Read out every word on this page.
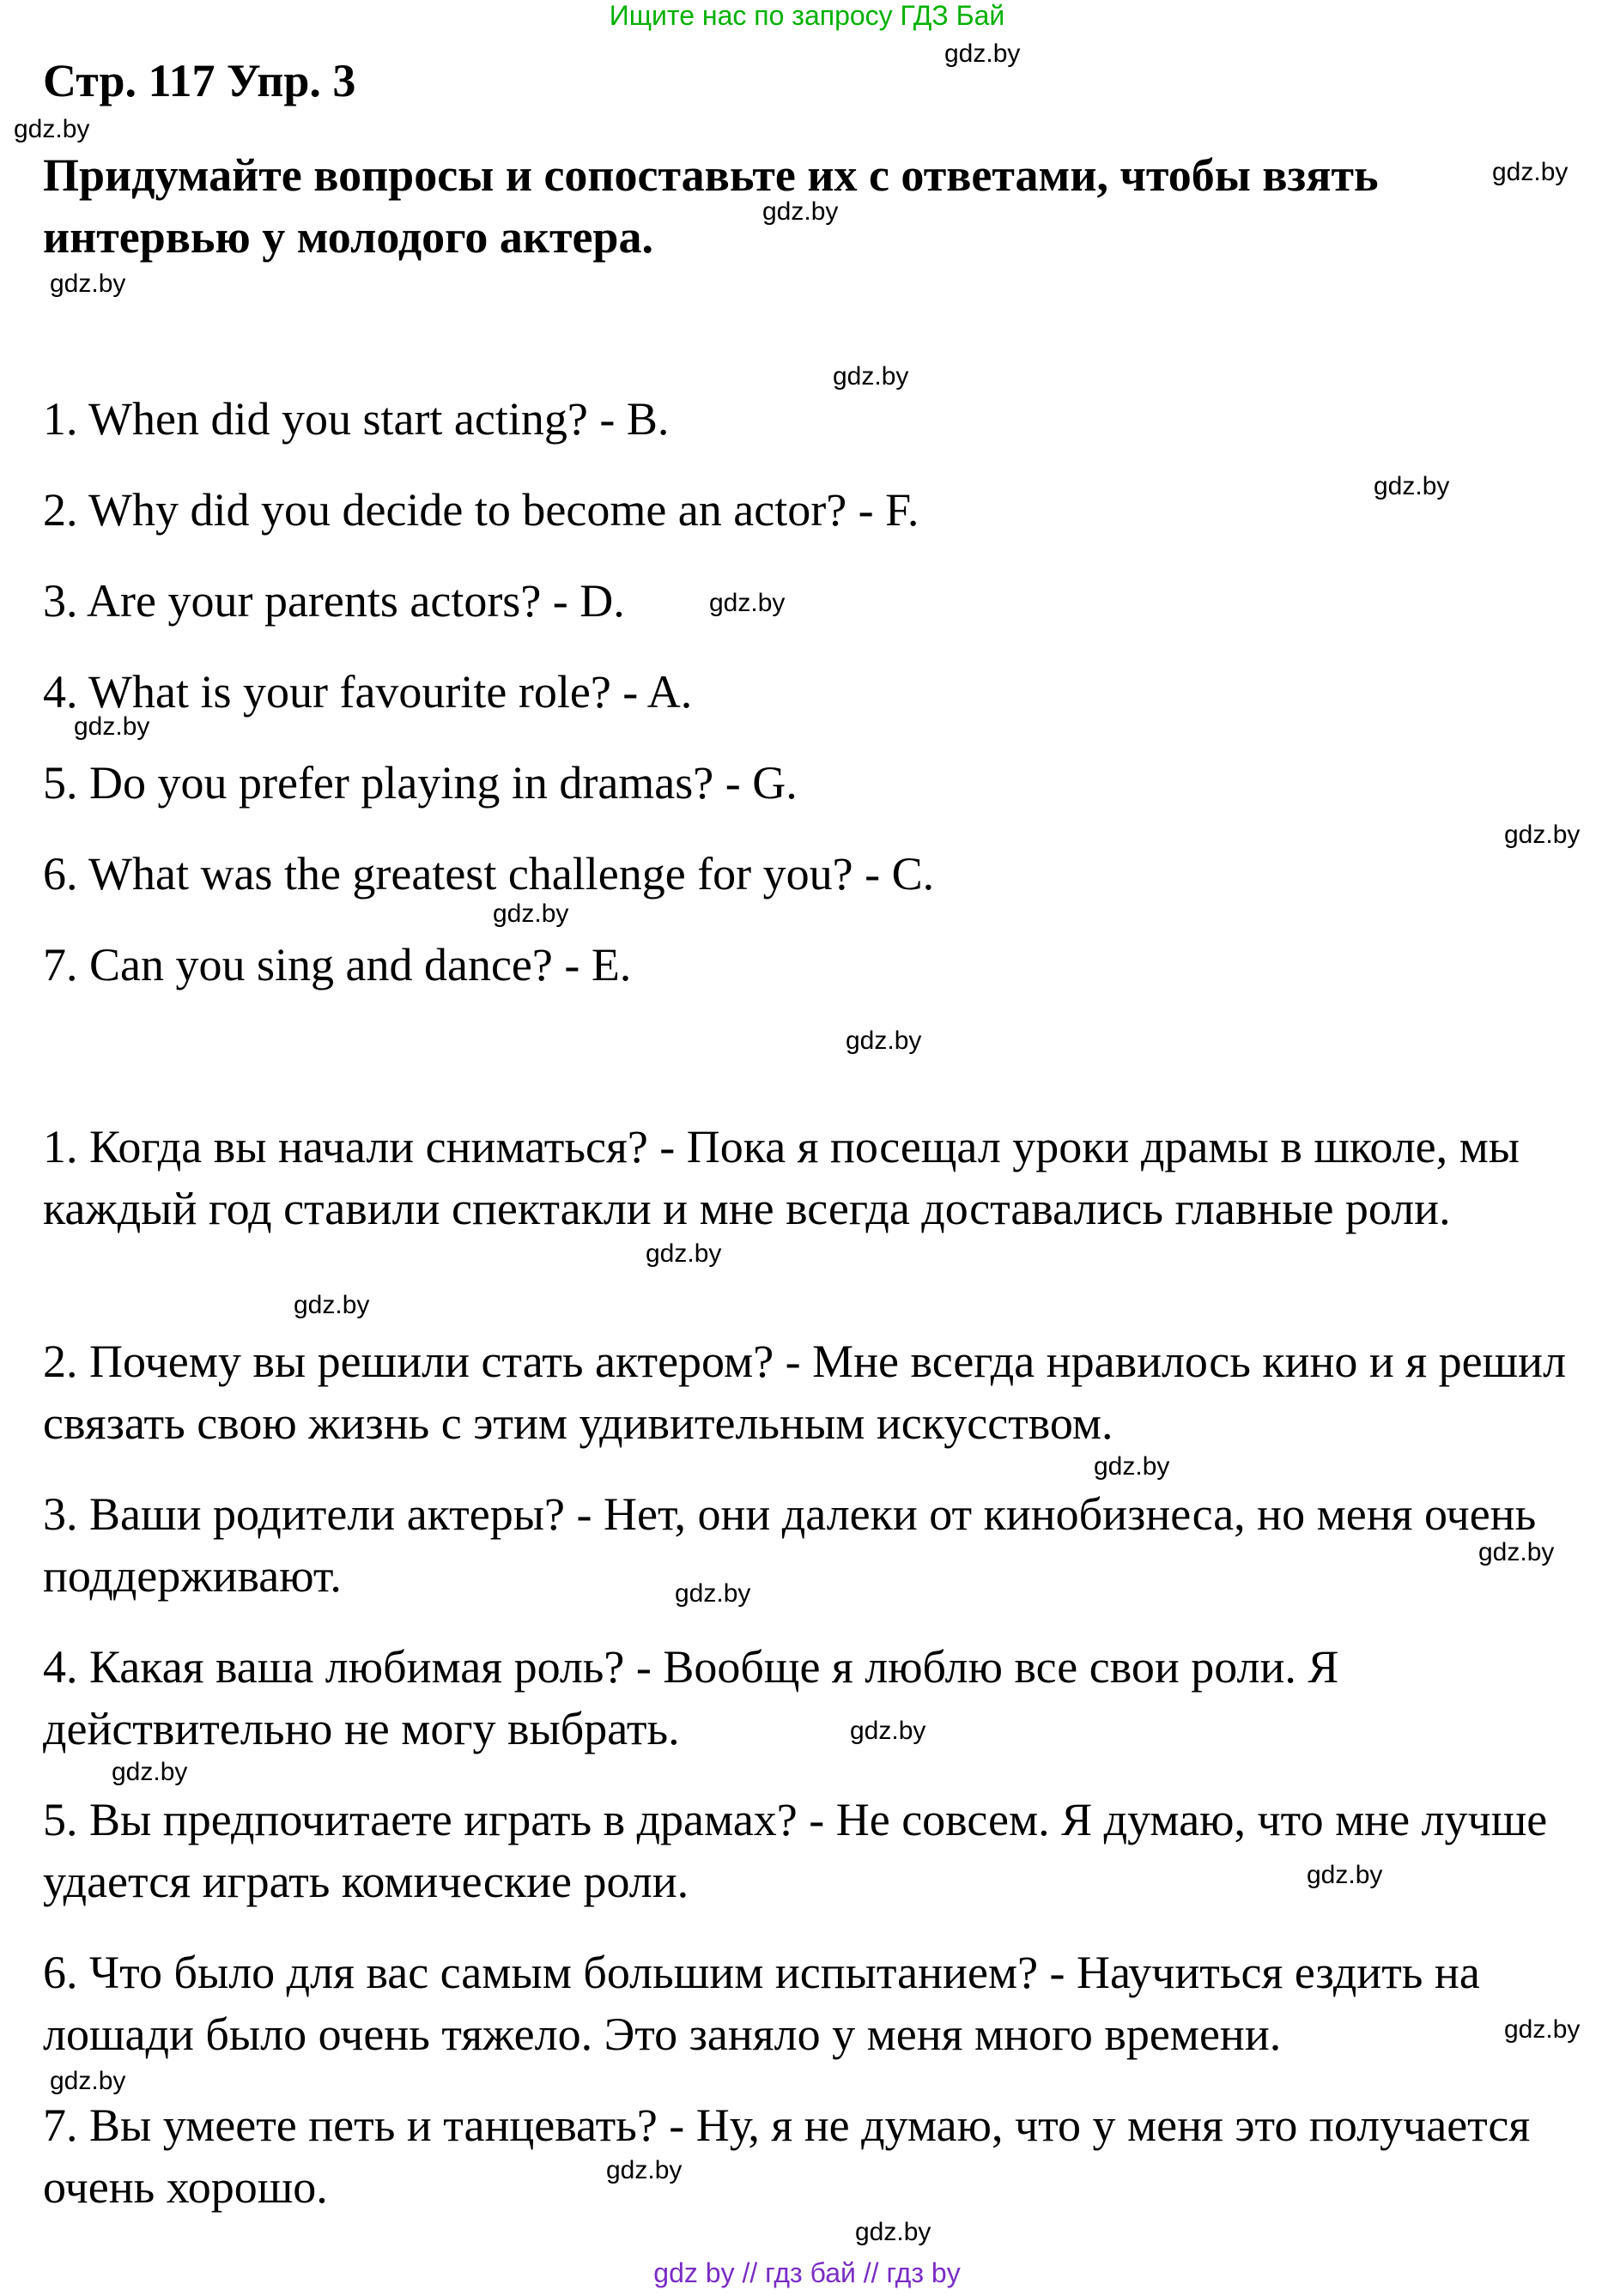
Ищите нас по запросу ГДЗ Бай
Стр. 117 Упр. 3
Придумайте вопросы и сопоставьте их с ответами, чтобы взять интервью у молодого актера.
1. When did you start acting? - B.
2. Why did you decide to become an actor? - F.
3. Are your parents actors? - D.
4. What is your favourite role? - A.
5. Do you prefer playing in dramas? - G.
6. What was the greatest challenge for you? - C.
7. Can you sing and dance? - E.
1. Когда вы начали сниматься? - Пока я посещал уроки драмы в школе, мы каждый год ставили спектакли и мне всегда доставались главные роли.
2. Почему вы решили стать актером? - Мне всегда нравилось кино и я решил связать свою жизнь с этим удивительным искусством.
3. Ваши родители актеры? - Нет, они далеки от кинобизнеса, но меня очень поддерживают.
4. Какая ваша любимая роль? - Вообще я люблю все свои роли. Я действительно не могу выбрать.
5. Вы предпочитаете играть в драмах? - Не совсем. Я думаю, что мне лучше удается играть комические роли.
6. Что было для вас самым большим испытанием? - Научиться ездить на лошади было очень тяжело. Это заняло у меня много времени.
7. Вы умеете петь и танцевать? - Ну, я не думаю, что у меня это получается очень хорошо.
gdz.by
gdz.by
gdz.by
gdz.by
gdz.by
gdz.by
gdz.by
gdz.by
gdz.by
gdz.by
gdz.by
gdz.by
gdz.by
gdz.by
gdz.by
gdz.by
gdz.by
gdz.by
gdz.by
gdz.by
gdz.by
gdz.by
gdz.by
gdz.by
gdz by // гдз бай // гдз by
